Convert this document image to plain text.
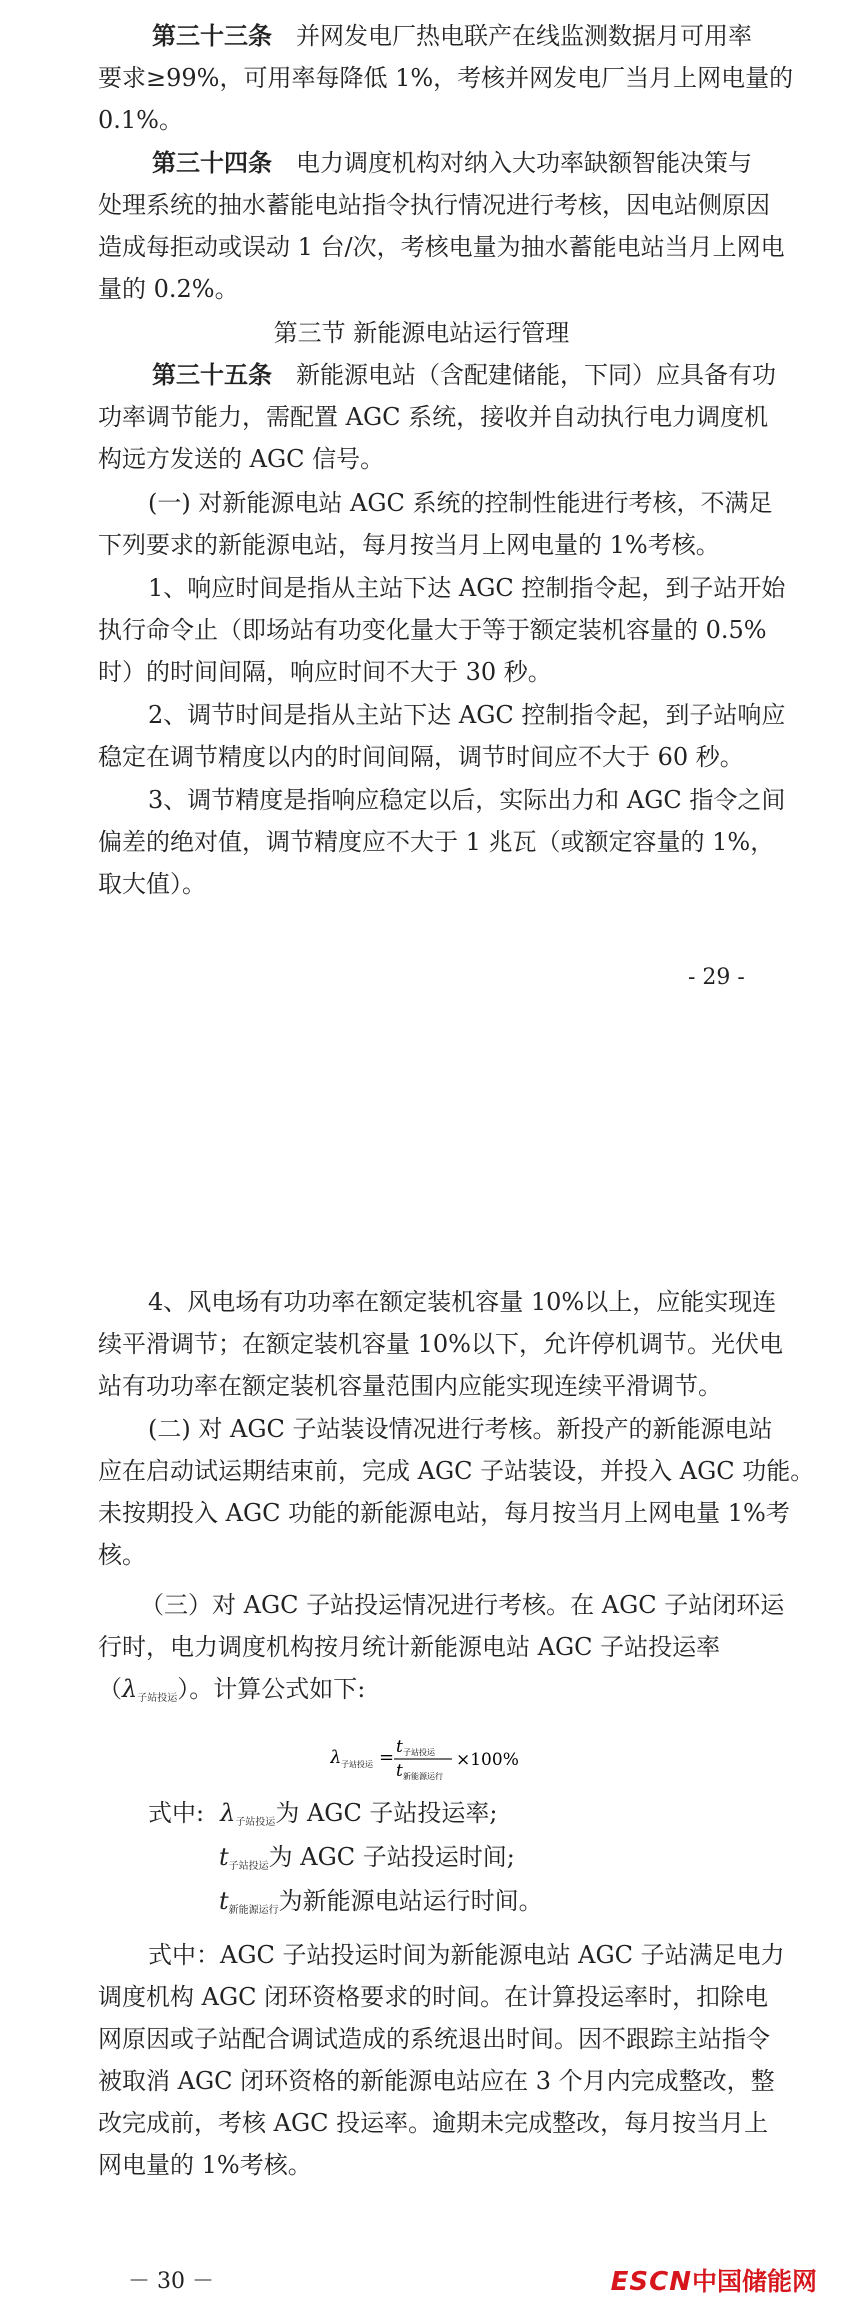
第三十三条 并网发电厂热电联产在线监测数据月可用率
要求≥99%，可用率每降低 1%，考核并网发电厂当月上网电量的
0.1%。
第三十四条 电力调度机构对纳入大功率缺额智能决策与
处理系统的抽水蓄能电站指令执行情况进行考核，因电站侧原因
造成每拒动或误动 1 台/次，考核电量为抽水蓄能电站当月上网电
量的 0.2%。
第三节 新能源电站运行管理
第三十五条 新能源电站（含配建储能，下同）应具备有功
功率调节能力，需配置 AGC 系统，接收并自动执行电力调度机
构远方发送的 AGC 信号。
(一) 对新能源电站 AGC 系统的控制性能进行考核，不满足
下列要求的新能源电站，每月按当月上网电量的 1%考核。
1、响应时间是指从主站下达 AGC 控制指令起，到子站开始
执行命令止（即场站有功变化量大于等于额定装机容量的 0.5%
时）的时间间隔，响应时间不大于 30 秒。
2、调节时间是指从主站下达 AGC 控制指令起，到子站响应
稳定在调节精度以内的时间间隔，调节时间应不大于 60 秒。
3、调节精度是指响应稳定以后，实际出力和 AGC 指令之间
偏差的绝对值，调节精度应不大于 1 兆瓦（或额定容量的 1%，
取大值）。
- 29 -
4、风电场有功功率在额定装机容量 10%以上，应能实现连
续平滑调节；在额定装机容量 10%以下，允许停机调节。光伏电
站有功功率在额定装机容量范围内应能实现连续平滑调节。
(二) 对 AGC 子站装设情况进行考核。新投产的新能源电站
应在启动试运期结束前，完成 AGC 子站装设，并投入 AGC 功能。
未按期投入 AGC 功能的新能源电站，每月按当月上网电量 1%考
核。
（三）对 AGC 子站投运情况进行考核。在 AGC 子站闭环运
行时，电力调度机构按月统计新能源电站 AGC 子站投运率
$(\lambda_{子站投运})$。计算公式如下:
λ 子站投运 = t 子站投运
t 新能源运行
×100%
式中: $\lambda_{子站投运}$为 AGC 子站投运率;
$t_{子站投运}$为 AGC 子站投运时间;
$t_{新能源运行}$为新能源电站运行时间。
式中：AGC 子站投运时间为新能源电站 AGC 子站满足电力
调度机构 AGC 闭环资格要求的时间。在计算投运率时，扣除电
网原因或子站配合调试造成的系统退出时间。因不跟踪主站指令
被取消 AGC 闭环资格的新能源电站应在 3 个月内完成整改，整
改完成前，考核 AGC 投运率。逾期未完成整改，每月按当月上
网电量的 1%考核。
－ 30 －	ESCN中国储能网
